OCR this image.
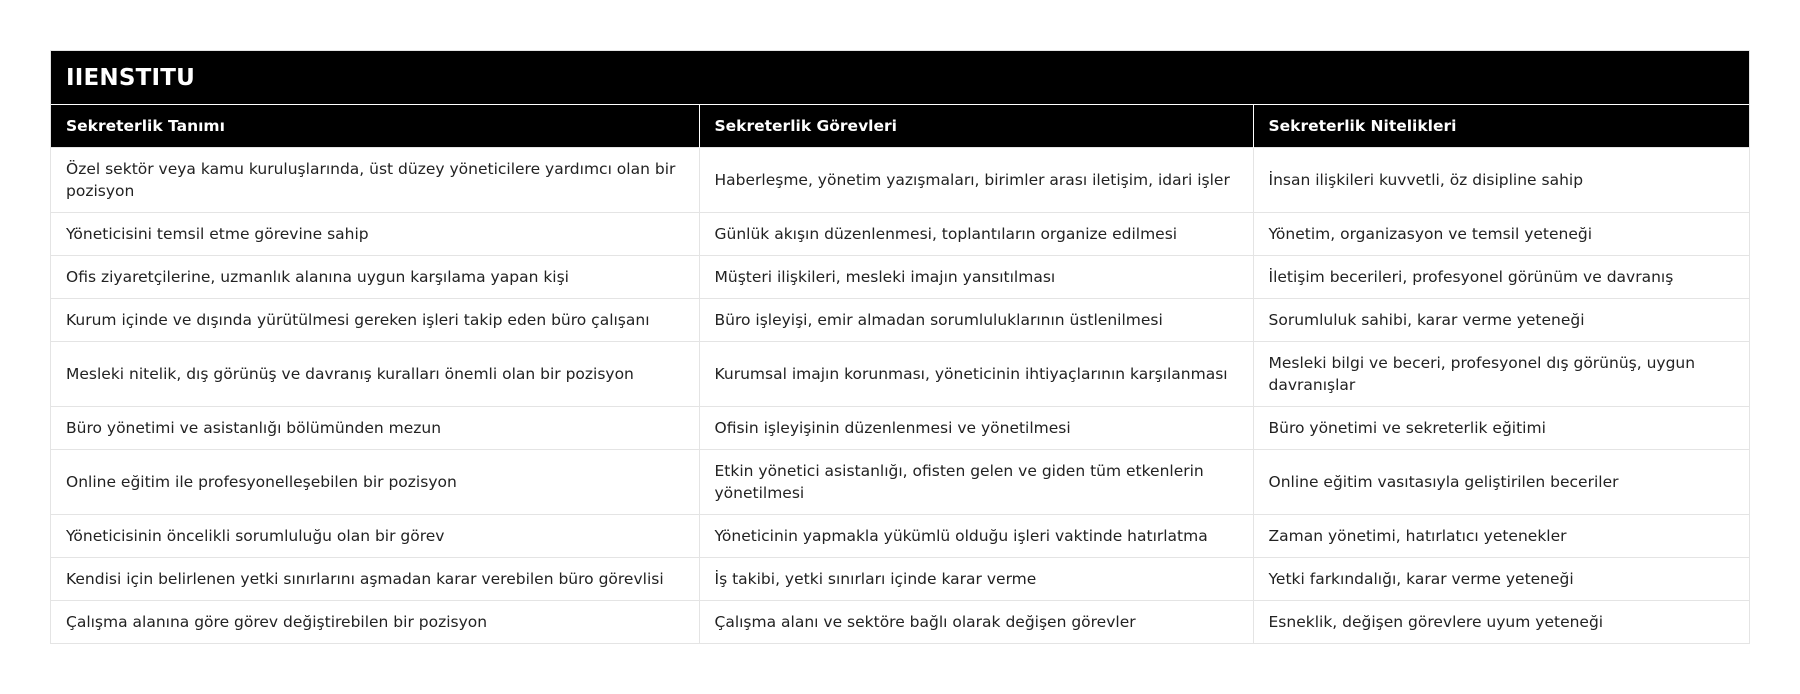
IIENSTITU
Sekreterlik Tanımı	Sekreterlik Görevleri	Sekreterlik Nitelikleri
Özel sektör veya kamu kuruluşlarında, üst düzey yöneticilere yardımcı olan bir pozisyon	Haberleşme, yönetim yazışmaları, birimler arası iletişim, idari işler	İnsan ilişkileri kuvvetli, öz disipline sahip
Yöneticisini temsil etme görevine sahip	Günlük akışın düzenlenmesi, toplantıların organize edilmesi	Yönetim, organizasyon ve temsil yeteneği
Ofis ziyaretçilerine, uzmanlık alanına uygun karşılama yapan kişi	Müşteri ilişkileri, mesleki imajın yansıtılması	İletişim becerileri, profesyonel görünüm ve davranış
Kurum içinde ve dışında yürütülmesi gereken işleri takip eden büro çalışanı	Büro işleyişi, emir almadan sorumluluklarının üstlenilmesi	Sorumluluk sahibi, karar verme yeteneği
Mesleki nitelik, dış görünüş ve davranış kuralları önemli olan bir pozisyon	Kurumsal imajın korunması, yöneticinin ihtiyaçlarının karşılanması	Mesleki bilgi ve beceri, profesyonel dış görünüş, uygun davranışlar
Büro yönetimi ve asistanlığı bölümünden mezun	Ofisin işleyişinin düzenlenmesi ve yönetilmesi	Büro yönetimi ve sekreterlik eğitimi
Online eğitim ile profesyonelleşebilen bir pozisyon	Etkin yönetici asistanlığı, ofisten gelen ve giden tüm etkenlerin yönetilmesi	Online eğitim vasıtasıyla geliştirilen beceriler
Yöneticisinin öncelikli sorumluluğu olan bir görev	Yöneticinin yapmakla yükümlü olduğu işleri vaktinde hatırlatma	Zaman yönetimi, hatırlatıcı yetenekler
Kendisi için belirlenen yetki sınırlarını aşmadan karar verebilen büro görevlisi	İş takibi, yetki sınırları içinde karar verme	Yetki farkındalığı, karar verme yeteneği
Çalışma alanına göre görev değiştirebilen bir pozisyon	Çalışma alanı ve sektöre bağlı olarak değişen görevler	Esneklik, değişen görevlere uyum yeteneği
